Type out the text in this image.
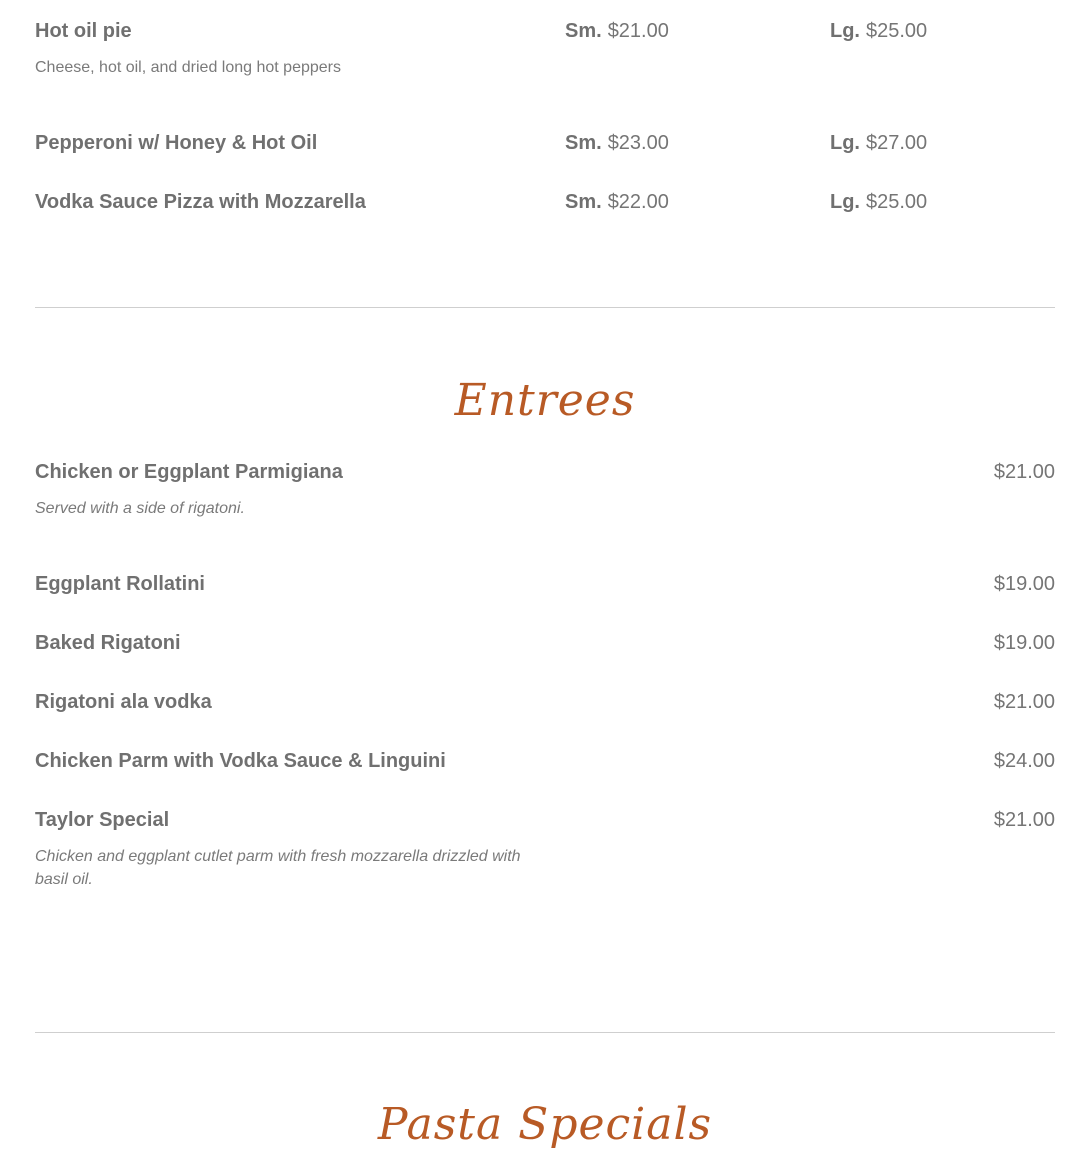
Hot oil pie	Sm. $21.00	Lg. $25.00
Cheese, hot oil, and dried long hot peppers
Pepperoni w/ Honey & Hot Oil	Sm. $23.00	Lg. $27.00
Vodka Sauce Pizza with Mozzarella	Sm. $22.00	Lg. $25.00
Entrees
Chicken or Eggplant Parmigiana	$21.00
Served with a side of rigatoni.
Eggplant Rollatini	$19.00
Baked Rigatoni	$19.00
Rigatoni ala vodka	$21.00
Chicken Parm with Vodka Sauce & Linguini	$24.00
Taylor Special	$21.00
Chicken and eggplant cutlet parm with fresh mozzarella drizzled with basil oil.
Pasta Specials
